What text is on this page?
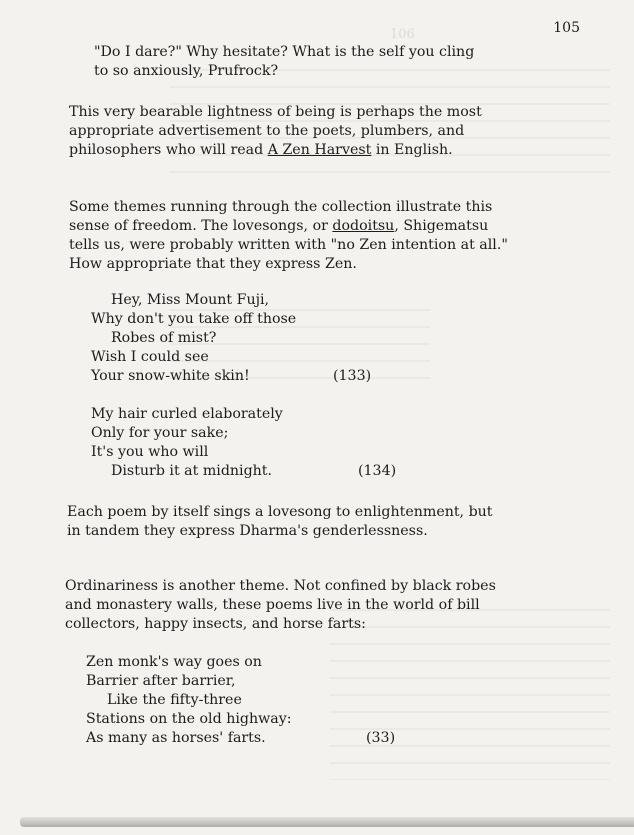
106	105
"Do I dare?" Why hesitate? What is the self you cling
to so anxiously, Prufrock?
This very bearable lightness of being is perhaps the most
appropriate advertisement to the poets, plumbers, and
philosophers who will read A Zen Harvest in English.
Some themes running through the collection illustrate this
sense of freedom. The lovesongs, or dodoitsu, Shigematsu
tells us, were probably written with "no Zen intention at all."
How appropriate that they express Zen.
Hey, Miss Mount Fuji,
Why don't you take off those
Robes of mist?
Wish I could see
Your snow-white skin!	(133)
My hair curled elaborately
Only for your sake;
It's you who will
Disturb it at midnight.	(134)
Each poem by itself sings a lovesong to enlightenment, but
in tandem they express Dharma's genderlessness.
Ordinariness is another theme. Not confined by black robes
and monastery walls, these poems live in the world of bill
collectors, happy insects, and horse farts:
Zen monk's way goes on
Barrier after barrier,
Like the fifty-three
Stations on the old highway:
As many as horses' farts.	(33)
